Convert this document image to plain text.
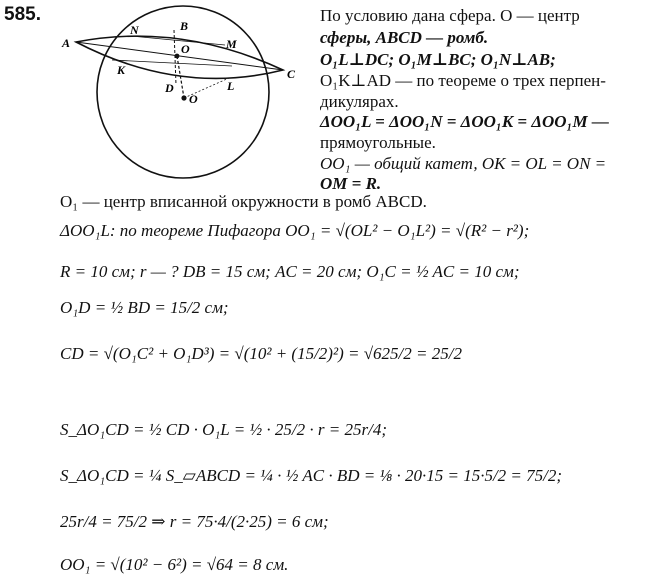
585.
A
B
C
D
N
M
K
L
O
O
По условию дана сфера. O — центр
сферы, ABCD — ромб.
O₁L⊥DC; O₁M⊥BC; O₁N⊥AB;
O₁K⊥AD — по теореме о трех перпен-
дикулярах.
ΔOO₁L = ΔOO₁N = ΔOO₁K = ΔOO₁M —
прямоугольные.
OO₁ — общий катет, OK = OL = ON =
OM = R.
O₁ — центр вписанной окружности в ромб ABCD.
ΔOO₁L: по теореме Пифагора OO₁ = √(OL² − O₁L²) = √(R² − r²);
R = 10 см; r — ? DB = 15 см; AC = 20 см; O₁C = ½ AC = 10 см;
O₁D = ½ BD = 15/2 см;
CD = √(O₁C² + O₁D³) = √(10² + (15/2)²) = √625/2 = 25/2
S_ΔO₁CD = ½ CD · O₁L = ½ · 25/2 · r = 25r/4;
S_ΔO₁CD = ¼ S_▱ABCD = ¼ · ½ AC · BD = ⅛ · 20·15 = 15·5/2 = 75/2;
25r/4 = 75/2 ⇒ r = 75·4/(2·25) = 6 см;
OO₁ = √(10² − 6²) = √64 = 8 см.
